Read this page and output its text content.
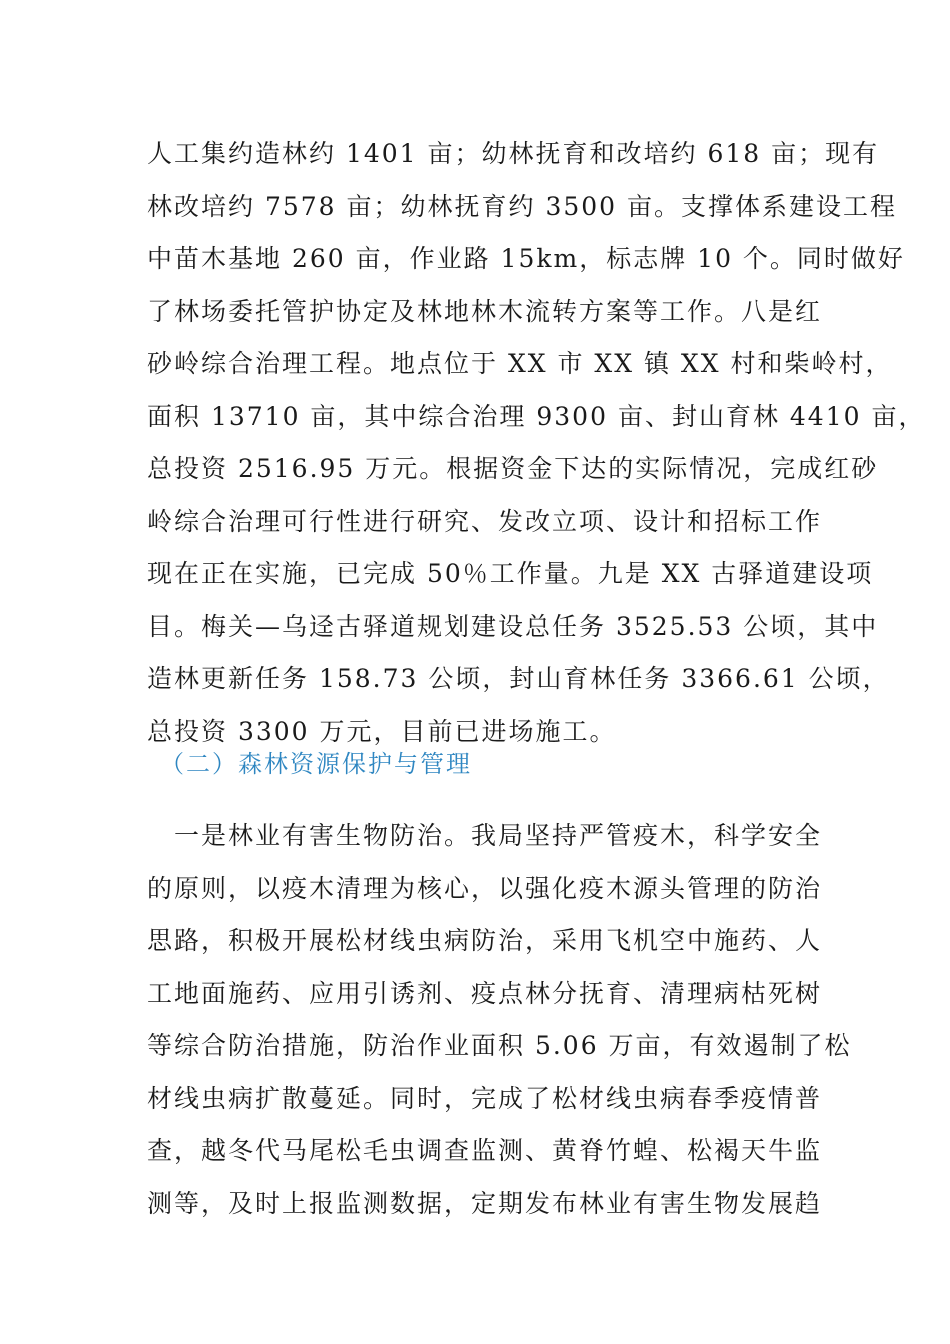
人工集约造林约 1401 亩；幼林抚育和改培约 618 亩；现有
林改培约 7578 亩；幼林抚育约 3500 亩。支撑体系建设工程
中苗木基地 260 亩，作业路 15km，标志牌 10 个。同时做好
了林场委托管护协定及林地林木流转方案等工作。八是红
砂岭综合治理工程。地点位于 XX 市 XX 镇 XX 村和柴岭村，
面积 13710 亩，其中综合治理 9300 亩、封山育林 4410 亩，
总投资 2516.95 万元。根据资金下达的实际情况，完成红砂
岭综合治理可行性进行研究、发改立项、设计和招标工作
现在正在实施，已完成 50％工作量。九是 XX 古驿道建设项
目。梅关—乌迳古驿道规划建设总任务 3525.53 公顷，其中
造林更新任务 158.73 公顷，封山育林任务 3366.61 公顷，
总投资 3300 万元，目前已进场施工。
（二）森林资源保护与管理
　一是林业有害生物防治。我局坚持严管疫木，科学安全
的原则，以疫木清理为核心，以强化疫木源头管理的防治
思路，积极开展松材线虫病防治，采用飞机空中施药、人
工地面施药、应用引诱剂、疫点林分抚育、清理病枯死树
等综合防治措施，防治作业面积 5.06 万亩，有效遏制了松
材线虫病扩散蔓延。同时，完成了松材线虫病春季疫情普
查，越冬代马尾松毛虫调查监测、黄脊竹蝗、松褐天牛监
测等，及时上报监测数据，定期发布林业有害生物发展趋
